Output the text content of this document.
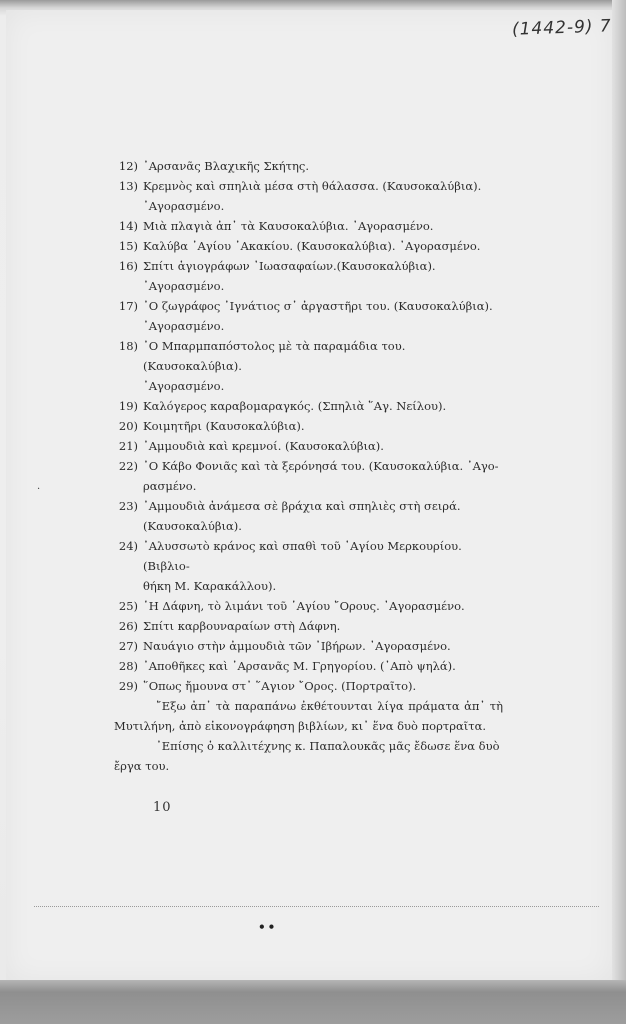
(1442-9) 7
·
12) ᾿Αρσανᾶς Βλαχικῆς Σκήτης.
13) Κρεμνὸς καὶ σπηλιὰ μέσα στὴ θάλασσα. (Καυσοκαλύβια).
᾿Αγορασμένο.
14) Μιὰ πλαγιὰ ἀπ᾿ τὰ Καυσοκαλύβια. ᾿Αγορασμένο.
15) Καλύβα ᾿Αγίου ᾿Ακακίου. (Καυσοκαλύβια). ᾿Αγορασμένο.
16) Σπίτι ἁγιογράφων ᾿Ιωασαφαίων.(Καυσοκαλύβια). ᾿Αγορασμένο.
17) ᾿Ο ζωγράφος ᾿Ιγνάτιος σ᾿ ἀργαστῆρι του. (Καυσοκαλύβια).
᾿Αγορασμένο.
18) ᾿Ο Μπαρμπαπόστολος μὲ τὰ παραμάδια του. (Καυσοκαλύβια).
᾿Αγορασμένο.
19) Καλόγερος καραβομαραγκός. (Σπηλιὰ ῞Αγ. Νείλου).
20) Κοιμητῆρι (Καυσοκαλύβια).
21) ᾿Αμμουδιὰ καὶ κρεμνοί. (Καυσοκαλύβια).
22) ᾿Ο Κάβο Φονιᾶς καὶ τὰ ξερόνησά του. (Καυσοκαλύβια. ᾿Αγο-
ρασμένο.
23) ᾿Αμμουδιὰ ἀνάμεσα σὲ βράχια καὶ σπηλιὲς στὴ σειρά.
(Καυσοκαλύβια).
24) ᾿Αλυσσωτὸ κράνος καὶ σπαθὶ τοῦ ῾Αγίου Μερκουρίου. (Βιβλιο-
θήκη Μ. Καρακάλλου).
25) ῾Η Δάφνη, τὸ λιμάνι τοῦ ῾Αγίου ῎Ορους. ᾿Αγορασμένο.
26) Σπίτι καρβουναραίων στὴ Δάφνη.
27) Ναυάγιο στὴν ἀμμουδιὰ τῶν ᾿Ιβήρων. ᾿Αγορασμένο.
28) ᾿Αποθῆκες καὶ ᾿Αρσανᾶς Μ. Γρηγορίου. (᾿Απὸ ψηλά).
29) ῞Οπως ἤμουνα στ᾿ ῞Αγιον ῎Ορος. (Πορτραῖτο).
῎Εξω ἀπ᾿ τὰ παραπάνω ἐκθέτουνται λίγα πράματα ἀπ᾿ τὴ Μυτιλήνη, ἀπὸ εἰκονογράφηση βιβλίων, κι᾿ ἕνα δυὸ πορτραῖτα.
᾿Επίσης ὁ καλλιτέχνης κ. Παπαλουκᾶς μᾶς ἔδωσε ἕνα δυὸ ἔργα του.
10
••
